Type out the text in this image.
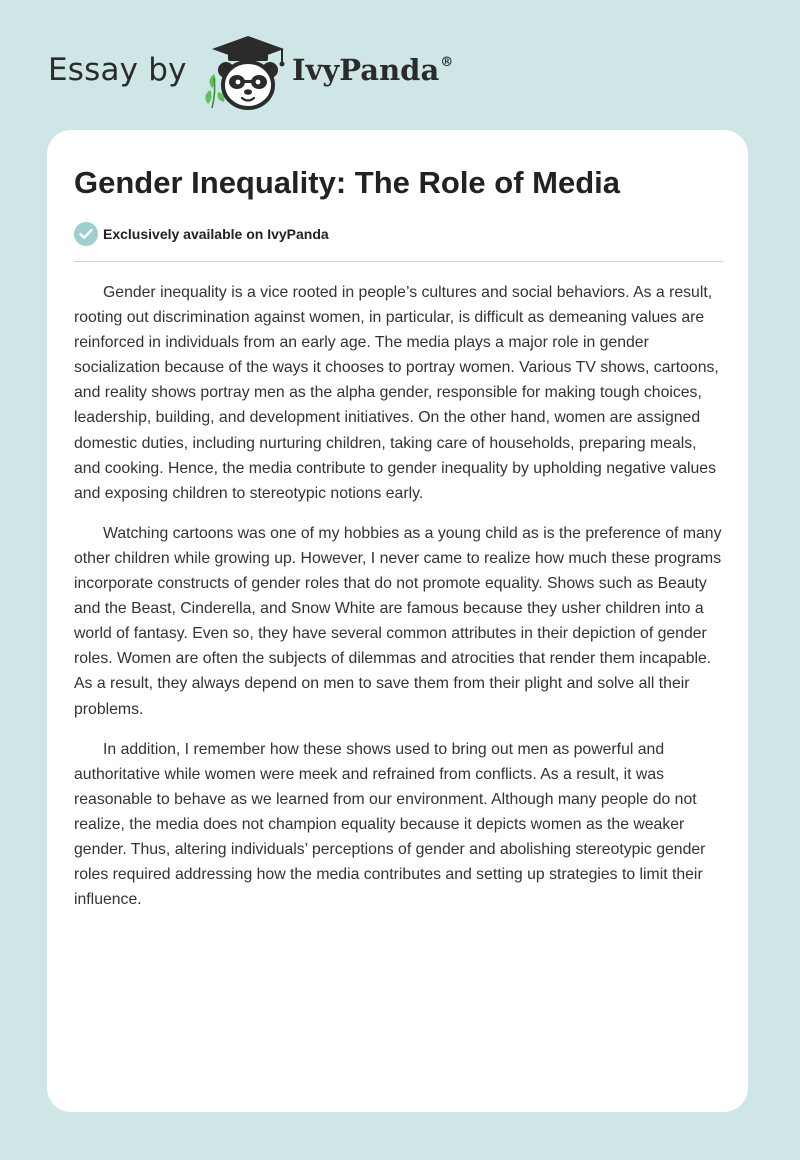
Essay by	IvyPanda®
Gender Inequality: The Role of Media
Exclusively available on IvyPanda

Gender inequality is a vice rooted in people’s cultures and social behaviors. As a result, rooting out discrimination against women, in particular, is difficult as demeaning values are reinforced in individuals from an early age. The media plays a major role in gender socialization because of the ways it chooses to portray women. Various TV shows, cartoons, and reality shows portray men as the alpha gender, responsible for making tough choices, leadership, building, and development initiatives. On the other hand, women are assigned domestic duties, including nurturing children, taking care of households, preparing meals, and cooking. Hence, the media contribute to gender inequality by upholding negative values and exposing children to stereotypic notions early.

Watching cartoons was one of my hobbies as a young child as is the preference of many other children while growing up. However, I never came to realize how much these programs incorporate constructs of gender roles that do not promote equality. Shows such as Beauty and the Beast, Cinderella, and Snow White are famous because they usher children into a world of fantasy. Even so, they have several common attributes in their depiction of gender roles. Women are often the subjects of dilemmas and atrocities that render them incapable. As a result, they always depend on men to save them from their plight and solve all their problems.

In addition, I remember how these shows used to bring out men as powerful and authoritative while women were meek and refrained from conflicts. As a result, it was reasonable to behave as we learned from our environment. Although many people do not realize, the media does not champion equality because it depicts women as the weaker gender. Thus, altering individuals’ perceptions of gender and abolishing stereotypic gender roles required addressing how the media contributes and setting up strategies to limit their influence.
